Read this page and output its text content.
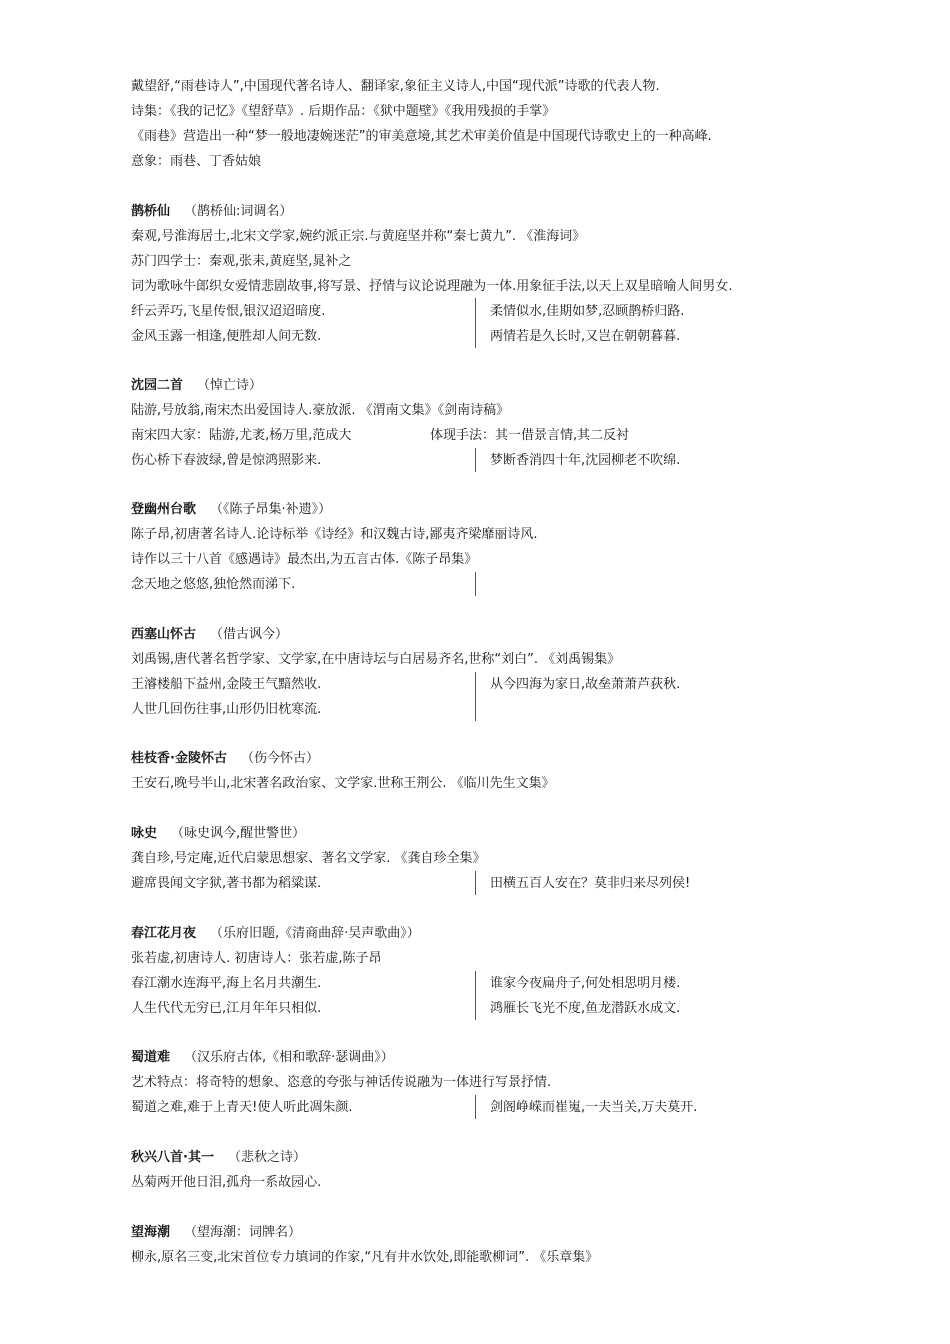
戴望舒,“雨巷诗人”,中国现代著名诗人、翻译家,象征主义诗人,中国“现代派”诗歌的代表人物.
诗集：《我的记忆》《望舒草》. 后期作品：《狱中题壁》《我用残损的手掌》
《雨巷》营造出一种“梦一般地凄婉迷茫”的审美意境,其艺术审美价值是中国现代诗歌史上的一种高峰.
意象：雨巷、丁香姑娘
鹊桥仙 （鹊桥仙:词调名）
秦观,号淮海居士,北宋文学家,婉约派正宗.与黄庭坚并称“秦七黄九”. 《淮海词》
苏门四学士：秦观,张耒,黄庭坚,晁补之
词为歌咏牛郎织女爱情悲剧故事,将写景、抒情与议论说理融为一体.用象征手法,以天上双星暗喻人间男女.
纤云弄巧,飞星传恨,银汉迢迢暗度.	柔情似水,佳期如梦,忍顾鹊桥归路.
金风玉露一相逢,便胜却人间无数.	两情若是久长时,又岂在朝朝暮暮.
沈园二首 （悼亡诗）
陆游,号放翁,南宋杰出爱国诗人.豪放派. 《渭南文集》《剑南诗稿》
南宋四大家：陆游,尤袤,杨万里,范成大	体现手法：其一借景言情,其二反衬
伤心桥下春波绿,曾是惊鸿照影来.	梦断香消四十年,沈园柳老不吹绵.
登幽州台歌 （《陈子昂集·补遗》）
陈子昂,初唐著名诗人.论诗标举《诗经》和汉魏古诗,鄙夷齐梁靡丽诗风.
诗作以三十八首《感遇诗》最杰出,为五言古体.《陈子昂集》
念天地之悠悠,独怆然而涕下.
西塞山怀古 （借古讽今）
刘禹锡,唐代著名哲学家、文学家,在中唐诗坛与白居易齐名,世称“刘白”. 《刘禹锡集》
王濬楼船下益州,金陵王气黯然收.	从今四海为家日,故垒萧萧芦荻秋.
人世几回伤往事,山形仍旧枕寒流.
桂枝香·金陵怀古 （伤今怀古）
王安石,晚号半山,北宋著名政治家、文学家.世称王荆公. 《临川先生文集》
咏史 （咏史讽今,醒世警世）
龚自珍,号定庵,近代启蒙思想家、著名文学家. 《龚自珍全集》
避席畏闻文字狱,著书都为稻粱谋.	田横五百人安在？莫非归来尽列侯!
春江花月夜 （乐府旧题,《清商曲辞·吴声歌曲》）
张若虚,初唐诗人. 初唐诗人：张若虚,陈子昂
春江潮水连海平,海上名月共潮生.	谁家今夜扁舟子,何处相思明月楼.
人生代代无穷已,江月年年只相似.	鸿雁长飞光不度,鱼龙潜跃水成文.
蜀道难 （汉乐府古体,《相和歌辞·瑟调曲》）
艺术特点：将奇特的想象、恣意的夸张与神话传说融为一体进行写景抒情.
蜀道之难,难于上青天!使人听此凋朱颜.	剑阁峥嵘而崔嵬,一夫当关,万夫莫开.
秋兴八首·其一 （悲秋之诗）
丛菊两开他日泪,孤舟一系故园心.
望海潮 （望海潮：词牌名）
柳永,原名三变,北宋首位专力填词的作家,“凡有井水饮处,即能歌柳词”. 《乐章集》
